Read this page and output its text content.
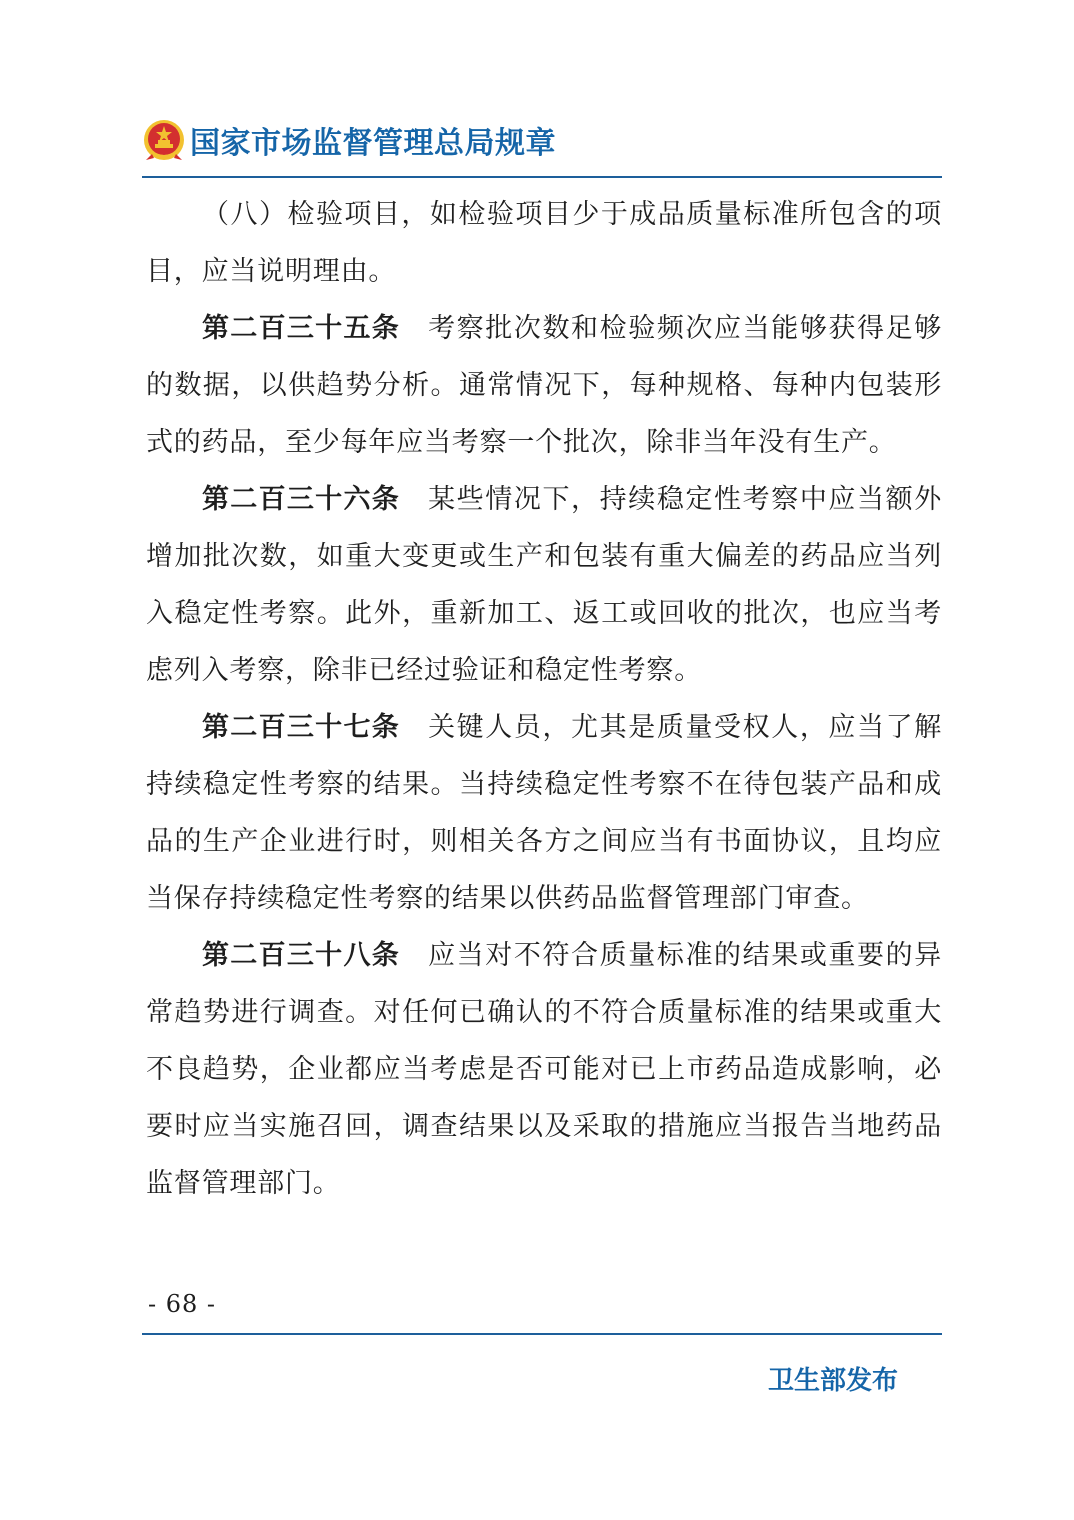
国家市场监督管理总局规章

（八）检验项目，如检验项目少于成品质量标准所包含的项目，应当说明理由。

第二百三十五条 考察批次数和检验频次应当能够获得足够的数据，以供趋势分析。通常情况下，每种规格、每种内包装形式的药品，至少每年应当考察一个批次，除非当年没有生产。

第二百三十六条 某些情况下，持续稳定性考察中应当额外增加批次数，如重大变更或生产和包装有重大偏差的药品应当列入稳定性考察。此外，重新加工、返工或回收的批次，也应当考虑列入考察，除非已经过验证和稳定性考察。

第二百三十七条 关键人员，尤其是质量受权人，应当了解持续稳定性考察的结果。当持续稳定性考察不在待包装产品和成品的生产企业进行时，则相关各方之间应当有书面协议，且均应当保存持续稳定性考察的结果以供药品监督管理部门审查。

第二百三十八条 应当对不符合质量标准的结果或重要的异常趋势进行调查。对任何已确认的不符合质量标准的结果或重大不良趋势，企业都应当考虑是否可能对已上市药品造成影响，必要时应当实施召回，调查结果以及采取的措施应当报告当地药品监督管理部门。

- 68 -
卫生部发布
